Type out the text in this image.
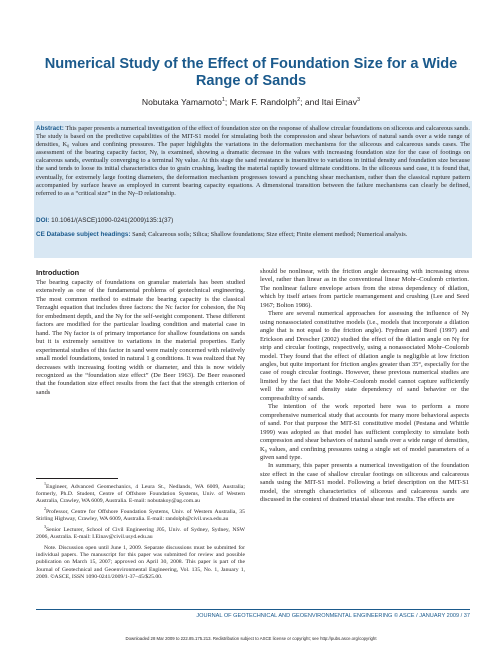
Numerical Study of the Effect of Foundation Size for a Wide Range of Sands
Nobutaka Yamamoto$^1$; Mark F. Randolph$^2$; and Itai Einav$^3$

Abstract: This paper presents a numerical investigation of the effect of foundation size on the response of shallow circular foundations on siliceous and calcareous sands. The study is based on the predictive capabilities of the MIT-S1 model for simulating both the compression and shear behaviors of natural sands over a wide range of densities, K₀ values and confining pressures. The paper highlights the variations in the deformation mechanisms for the siliceous and calcareous sands cases. The assessment of the bearing capacity factor, Nγ, is examined, showing a dramatic decrease in the values with increasing foundation size for the case of footings on calcareous sands, eventually converging to a terminal Nγ value. At this stage the sand resistance is insensitive to variations in initial density and foundation size because the sand tends to loose its initial characteristics due to grain crushing, leading the material rapidly toward ultimate conditions. In the siliceous sand case, it is found that, eventually, for extremely large footing diameters, the deformation mechanism progresses toward a punching shear mechanism, rather than the classical rupture pattern accompanied by surface heave as employed in current bearing capacity equations. A dimensional transition between the failure mechanisms can clearly be defined, referred to as a “critical size” in the Nγ–D relationship.

DOI: 10.1061/(ASCE)1090-0241(2009)135:1(37)

CE Database subject headings: Sand; Calcareous soils; Silica; Shallow foundations; Size effect; Finite element method; Numerical analysis.

Introduction

The bearing capacity of foundations on granular materials has been studied extensively as one of the fundamental problems of geotechnical engineering. The most common method to estimate the bearing capacity is the classical Terzaghi equation that includes three factors: the Nc factor for cohesion, the Nq for embedment depth, and the Nγ for the self-weight component. These different factors are modified for the particular loading condition and material case in hand. The Nγ factor is of primary importance for shallow foundations on sands but it is extremely sensitive to variations in the material properties. Early experimental studies of this factor in sand were mainly concerned with relatively small model foundations, tested in natural 1 g conditions. It was realized that Nγ decreases with increasing footing width or diameter, and this is now widely recognized as the “foundation size effect” (De Beer 1963). De Beer reasoned that the foundation size effect results from the fact that the strength criterion of sands

$^1$Engineer, Advanced Geomechanics, 4 Leura St., Nedlands, WA 6009, Australia; formerly, Ph.D. Student, Centre of Offshore Foundation Systems, Univ. of Western Australia, Crawley, WA 6009, Australia. E-mail: nobutakoy@ag.com.au

$^2$Professor, Centre for Offshore Foundation Systems, Univ. of Western Australia, 35 Stirling Highway, Crawley, WA 6009, Australia. E-mail: randolph@civil.uwa.edu.au

$^3$Senior Lecturer, School of Civil Engineering J05, Univ. of Sydney, Sydney, NSW 2006, Australia. E-mail: I.Einav@civil.usyd.edu.au

Note. Discussion open until June 1, 2009. Separate discussions must be submitted for individual papers. The manuscript for this paper was submitted for review and possible publication on March 15, 2007; approved on April 30, 2008. This paper is part of the Journal of Geotechnical and Geoenvironmental Engineering, Vol. 135, No. 1, January 1, 2009. ©ASCE, ISSN 1090-0241/2009/1-37–45/$25.00.

should be nonlinear, with the friction angle decreasing with increasing stress level, rather than linear as in the conventional linear Mohr–Coulomb criterion. The nonlinear failure envelope arises from the stress dependency of dilation, which by itself arises from particle rearrangement and crushing (Lee and Seed 1967; Bolton 1986).

There are several numerical approaches for assessing the influence of Nγ using nonassociated constitutive models (i.e., models that incorporate a dilation angle that is not equal to the friction angle). Frydman and Burd (1997) and Erickson and Drescher (2002) studied the effect of the dilation angle on Nγ for strip and circular footings, respectively, using a nonassociated Mohr–Coulomb model. They found that the effect of dilation angle is negligible at low friction angles, but quite important for friction angles greater than 35°, especially for the case of rough circular footings. However, these previous numerical studies are limited by the fact that the Mohr–Coulomb model cannot capture sufficiently well the stress and density state dependency of sand behavior or the compressibility of sands.

The intention of the work reported here was to perform a more comprehensive numerical study that accounts for many more behavioral aspects of sand. For that purpose the MIT-S1 constitutive model (Pestana and Whittle 1999) was adopted as that model has sufficient complexity to simulate both compression and shear behaviors of natural sands over a wide range of densities, K₀ values, and confining pressures using a single set of model parameters of a given sand type.

In summary, this paper presents a numerical investigation of the foundation size effect in the case of shallow circular footings on siliceous and calcareous sands using the MIT-S1 model. Following a brief description on the MIT-S1 model, the strength characteristics of siliceous and calcareous sands are discussed in the context of drained triaxial shear test results. The effects are

JOURNAL OF GEOTECHNICAL AND GEOENVIRONMENTAL ENGINEERING © ASCE / JANUARY 2009 / 37
Downloaded 28 Mar 2009 to 222.85.175.213. Redistribution subject to ASCE license or copyright; see http://pubs.asce.org/copyright
